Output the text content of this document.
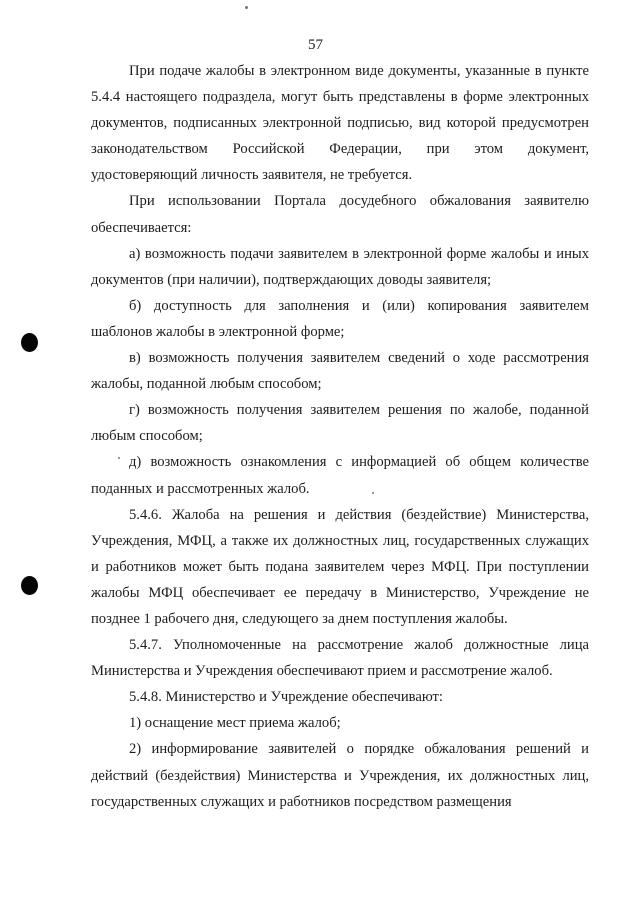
57

При подаче жалобы в электронном виде документы, указанные в пункте 5.4.4 настоящего подраздела, могут быть представлены в форме электронных документов, подписанных электронной подписью, вид которой предусмотрен законодательством Российской Федерации, при этом документ, удостоверяющий личность заявителя, не требуется.

При использовании Портала досудебного обжалования заявителю обеспечивается:

а) возможность подачи заявителем в электронной форме жалобы и иных документов (при наличии), подтверждающих доводы заявителя;

б) доступность для заполнения и (или) копирования заявителем шаблонов жалобы в электронной форме;

в) возможность получения заявителем сведений о ходе рассмотрения жалобы, поданной любым способом;

г) возможность получения заявителем решения по жалобе, поданной любым способом;

д) возможность ознакомления с информацией об общем количестве поданных и рассмотренных жалоб.

5.4.6. Жалоба на решения и действия (бездействие) Министерства, Учреждения, МФЦ, а также их должностных лиц, государственных служащих и работников может быть подана заявителем через МФЦ. При поступлении жалобы МФЦ обеспечивает ее передачу в Министерство, Учреждение не позднее 1 рабочего дня, следующего за днем поступления жалобы.

5.4.7. Уполномоченные на рассмотрение жалоб должностные лица Министерства и Учреждения обеспечивают прием и рассмотрение жалоб.

5.4.8. Министерство и Учреждение обеспечивают:

1) оснащение мест приема жалоб;

2) информирование заявителей о порядке обжалования решений и действий (бездействия) Министерства и Учреждения, их должностных лиц, государственных служащих и работников посредством размещения
